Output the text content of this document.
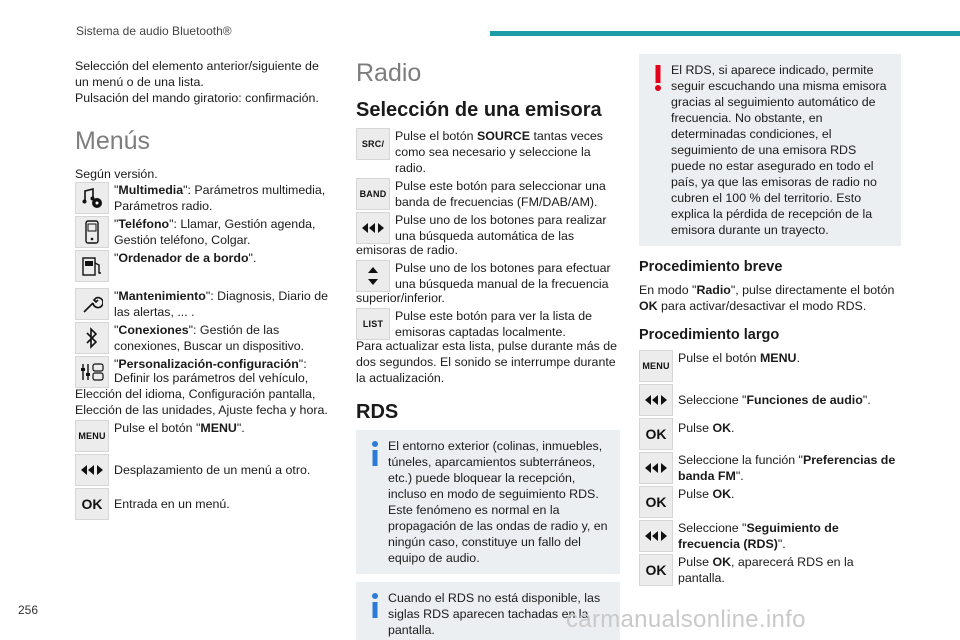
Sistema de audio Bluetooth®
Selección del elemento anterior/siguiente de un menú o de una lista.
Pulsación del mando giratorio: confirmación.
Menús
Según versión.
"Multimedia": Parámetros multimedia, Parámetros radio.
"Teléfono": Llamar, Gestión agenda, Gestión teléfono, Colgar.
"Ordenador de a bordo".
"Mantenimiento": Diagnosis, Diario de las alertas, ... .
"Conexiones": Gestión de las conexiones, Buscar un dispositivo.
"Personalización-configuración":
Definir los parámetros del vehículo, Elección del idioma, Configuración pantalla, Elección de las unidades, Ajuste fecha y hora.
MENU
Pulse el botón "MENU".
Desplazamiento de un menú a otro.
OK Entrada en un menú.
Radio
Selección de una emisora
SRC/
Pulse el botón SOURCE tantas veces como sea necesario y seleccione la radio.
BAND
Pulse este botón para seleccionar una banda de frecuencias (FM/DAB/AM).
Pulse uno de los botones para realizar una búsqueda automática de las
emisoras de radio.
Pulse uno de los botones para efectuar una búsqueda manual de la frecuencia
superior/inferior.
LIST
Pulse este botón para ver la lista de emisoras captadas localmente.
Para actualizar esta lista, pulse durante más de dos segundos. El sonido se interrumpe durante la actualización.
RDS
El entorno exterior (colinas, inmuebles, túneles, aparcamientos subterráneos, etc.) puede bloquear la recepción, incluso en modo de seguimiento RDS. Este fenómeno es normal en la propagación de las ondas de radio y, en ningún caso, constituye un fallo del equipo de audio.
Cuando el RDS no está disponible, las siglas RDS aparecen tachadas en la pantalla.
El RDS, si aparece indicado, permite seguir escuchando una misma emisora gracias al seguimiento automático de frecuencia. No obstante, en determinadas condiciones, el seguimiento de una emisora RDS puede no estar asegurado en todo el país, ya que las emisoras de radio no cubren el 100 % del territorio. Esto explica la pérdida de recepción de la emisora durante un trayecto.
Procedimiento breve
En modo "Radio", pulse directamente el botón OK para activar/desactivar el modo RDS.
Procedimiento largo
MENU
Pulse el botón MENU.
Seleccione "Funciones de audio".
OK Pulse OK.
Seleccione la función "Preferencias de banda FM".
OK Pulse OK.
Seleccione "Seguimiento de frecuencia (RDS)".
OK Pulse OK, aparecerá RDS en la pantalla.
256	carmanualsonline.info
